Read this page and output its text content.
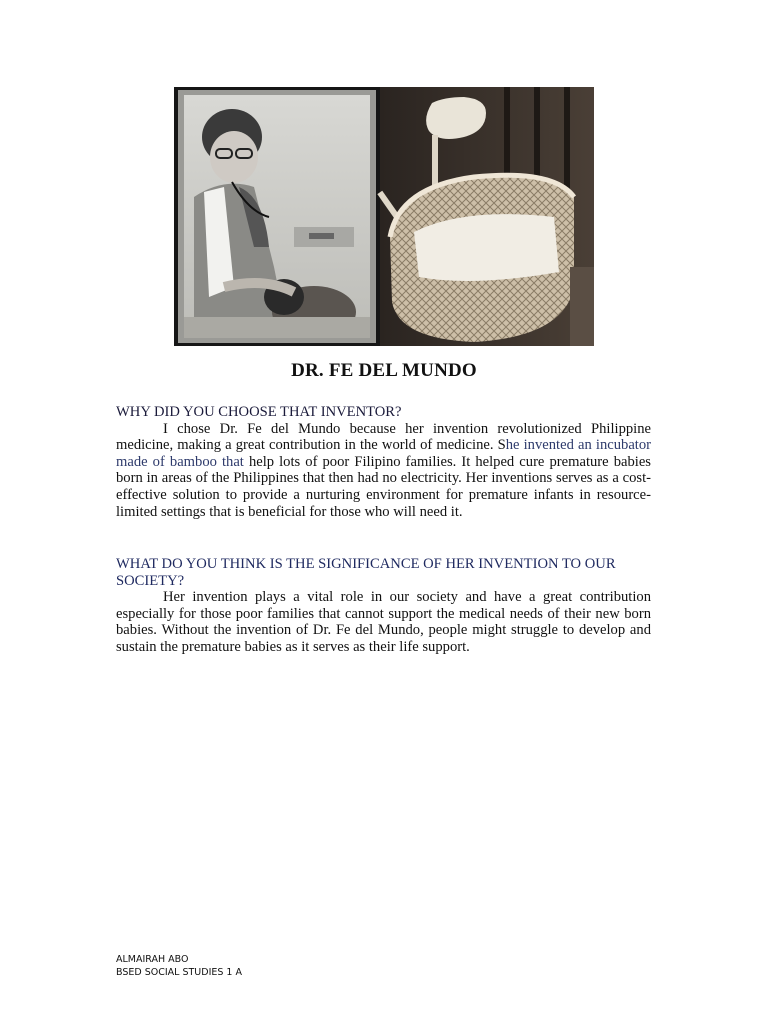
DR. FE DEL MUNDO

WHY DID YOU CHOOSE THAT INVENTOR?

I chose Dr. Fe del Mundo because her invention revolutionized Philippine medicine, making a great contribution in the world of medicine. She invented an incubator made of bamboo that help lots of poor Filipino families. It helped cure premature babies born in areas of the Philippines that then had no electricity. Her inventions serves as a cost-effective solution to provide a nurturing environment for premature infants in resource-limited settings that is beneficial for those who will need it.

WHAT DO YOU THINK IS THE SIGNIFICANCE OF HER INVENTION TO OUR SOCIETY?

Her invention plays a vital role in our society and have a great contribution especially for those poor families that cannot support the medical needs of their new born babies. Without the invention of Dr. Fe del Mundo, people might struggle to develop and sustain the premature babies as it serves as their life support.

ALMAIRAH ABO
BSED SOCIAL STUDIES 1 A
